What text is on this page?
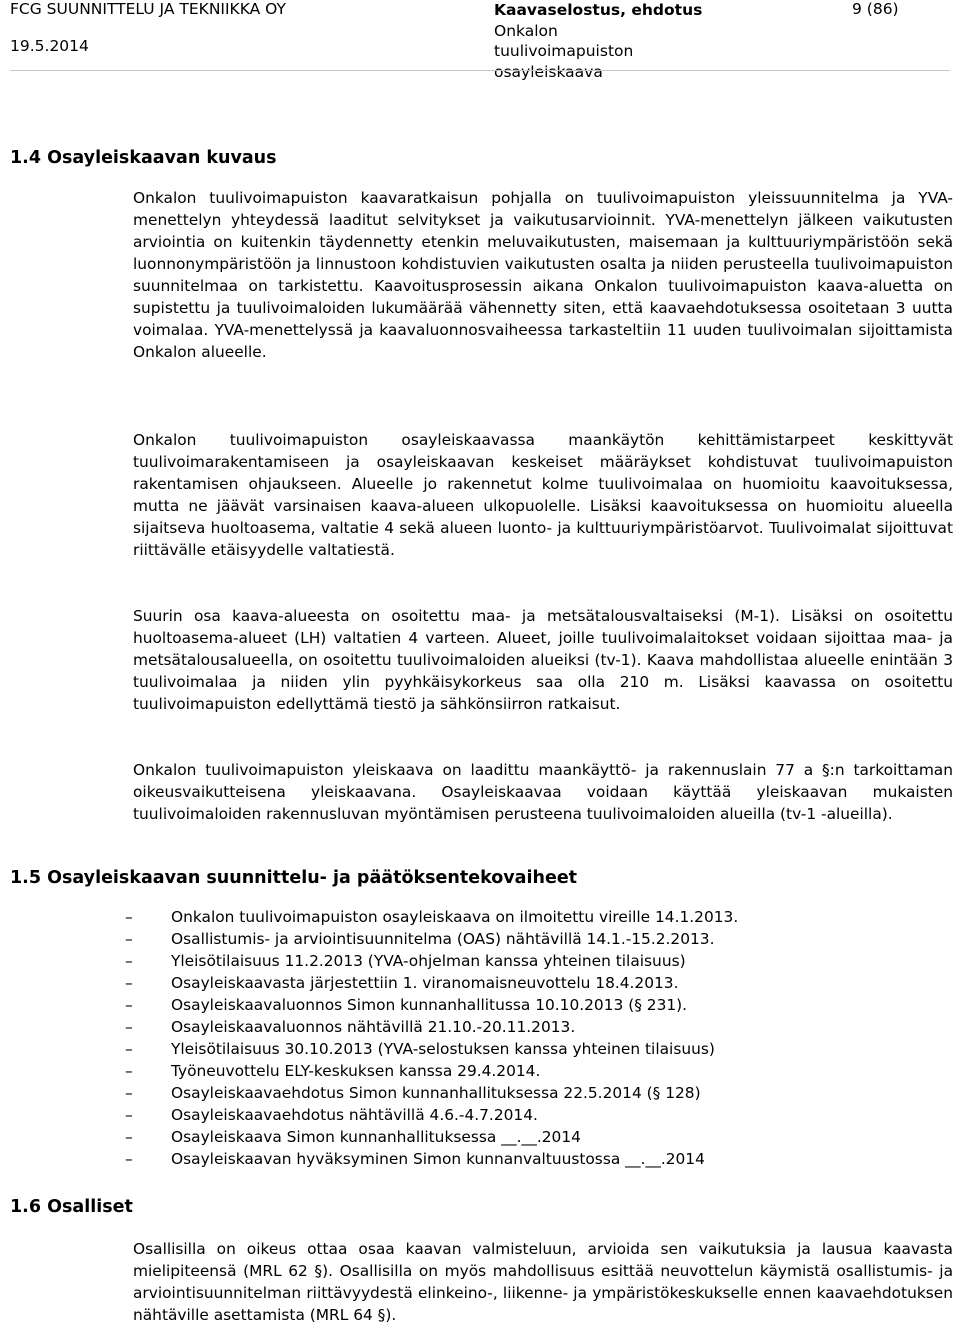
FCG SUUNNITTELU JA TEKNIIKKA OY
19.5.2014
Kaavaselostus, ehdotus
Onkalon
tuulivoimapuiston
osayleiskaava
9 (86)
1.4 Osayleiskaavan kuvaus

Onkalon tuulivoimapuiston kaavaratkaisun pohjalla on tuulivoimapuiston yleissuunnitelma ja YVA-menettelyn yhteydessä laaditut selvitykset ja vaikutusarvioinnit. YVA-menettelyn jälkeen vaikutusten arviointia on kuitenkin täydennetty etenkin meluvaikutusten, maisemaan ja kulttuuriympäristöön sekä luonnonympäristöön ja linnustoon kohdistuvien vaikutusten osalta ja niiden perusteella tuulivoimapuiston suunnitelmaa on tarkistettu. Kaavoitusprosessin aikana Onkalon tuulivoimapuiston kaava-aluetta on supistettu ja tuulivoimaloiden lukumäärää vähennetty siten, että kaavaehdotuksessa osoitetaan 3 uutta voimalaa. YVA-menettelyssä ja kaavaluonnosvaiheessa tarkasteltiin 11 uuden tuulivoimalan sijoittamista Onkalon alueelle.

Onkalon tuulivoimapuiston osayleiskaavassa maankäytön kehittämistarpeet keskittyvät tuulivoimarakentamiseen ja osayleiskaavan keskeiset määräykset kohdistuvat tuulivoimapuiston rakentamisen ohjaukseen. Alueelle jo rakennetut kolme tuulivoimalaa on huomioitu kaavoituksessa, mutta ne jäävät varsinaisen kaava-alueen ulkopuolelle. Lisäksi kaavoituksessa on huomioitu alueella sijaitseva huoltoasema, valtatie 4 sekä alueen luonto- ja kulttuuriympäristöarvot. Tuulivoimalat sijoittuvat riittävälle etäisyydelle valtatiestä.

Suurin osa kaava-alueesta on osoitettu maa- ja metsätalousvaltaiseksi (M-1). Lisäksi on osoitettu huoltoasema-alueet (LH) valtatien 4 varteen. Alueet, joille tuulivoimalaitokset voidaan sijoittaa maa- ja metsätalousalueella, on osoitettu tuulivoimaloiden alueiksi (tv-1). Kaava mahdollistaa alueelle enintään 3 tuulivoimalaa ja niiden ylin pyyhkäisykorkeus saa olla 210 m. Lisäksi kaavassa on osoitettu tuulivoimapuiston edellyttämä tiestö ja sähkönsiirron ratkaisut.

Onkalon tuulivoimapuiston yleiskaava on laadittu maankäyttö- ja rakennuslain 77 a §:n tarkoittaman oikeusvaikutteisena yleiskaavana. Osayleiskaavaa voidaan käyttää yleiskaavan mukaisten tuulivoimaloiden rakennusluvan myöntämisen perusteena tuulivoimaloiden alueilla (tv-1 -alueilla).

1.5 Osayleiskaavan suunnittelu- ja päätöksentekovaiheet
–	Onkalon tuulivoimapuiston osayleiskaava on ilmoitettu vireille 14.1.2013.
–	Osallistumis- ja arviointisuunnitelma (OAS) nähtävillä 14.1.-15.2.2013.
–	Yleisötilaisuus 11.2.2013 (YVA-ohjelman kanssa yhteinen tilaisuus)
–	Osayleiskaavasta järjestettiin 1. viranomaisneuvottelu 18.4.2013.
–	Osayleiskaavaluonnos Simon kunnanhallitussa 10.10.2013 (§ 231).
–	Osayleiskaavaluonnos nähtävillä 21.10.-20.11.2013.
–	Yleisötilaisuus 30.10.2013 (YVA-selostuksen kanssa yhteinen tilaisuus)
–	Työneuvottelu ELY-keskuksen kanssa 29.4.2014.
–	Osayleiskaavaehdotus Simon kunnanhallituksessa 22.5.2014 (§ 128)
–	Osayleiskaavaehdotus nähtävillä 4.6.-4.7.2014.
–	Osayleiskaava Simon kunnanhallituksessa __.__.2014
–	Osayleiskaavan hyväksyminen Simon kunnanvaltuustossa __.__.2014
1.6 Osalliset

Osallisilla on oikeus ottaa osaa kaavan valmisteluun, arvioida sen vaikutuksia ja lausua kaavasta mielipiteensä (MRL 62 §). Osallisilla on myös mahdollisuus esittää neuvottelun käymistä osallistumis- ja arviointisuunnitelman riittävyydestä elinkeino-, liikenne- ja ympäristökeskukselle ennen kaavaehdotuksen nähtäville asettamista (MRL 64 §).
